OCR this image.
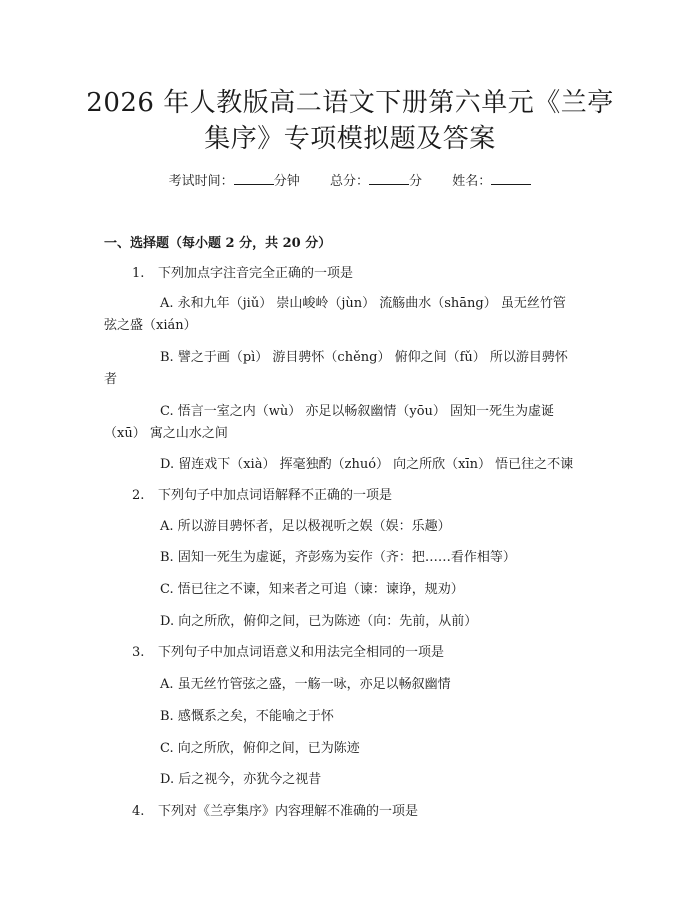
2026 年人教版高二语文下册第六单元《兰亭
集序》专项模拟题及答案
考试时间：	分钟 总分：	分 姓名：
一、选择题（每小题 2 分，共 20 分）
1. 下列加点字注音完全正确的一项是
A. 永和九年（jiǔ） 崇山峻岭（jùn） 流觞曲水（shāng） 虽无丝竹管
弦之盛（xián）
B. 譬之于画（pì） 游目骋怀（chěng） 俯仰之间（fǔ） 所以游目骋怀
者
C. 悟言一室之内（wù） 亦足以畅叙幽情（yōu） 固知一死生为虚诞
（xū） 寓之山水之间
D. 留连戏下（xià） 挥毫独酌（zhuó） 向之所欣（xīn） 悟已往之不谏
2. 下列句子中加点词语解释不正确的一项是
A. 所以游目骋怀者，足以极视听之娱（娱：乐趣）
B. 固知一死生为虚诞，齐彭殇为妄作（齐：把……看作相等）
C. 悟已往之不谏，知来者之可追（谏：谏诤，规劝）
D. 向之所欣，俯仰之间，已为陈迹（向：先前，从前）
3. 下列句子中加点词语意义和用法完全相同的一项是
A. 虽无丝竹管弦之盛，一觞一咏，亦足以畅叙幽情
B. 感慨系之矣，不能喻之于怀
C. 向之所欣，俯仰之间，已为陈迹
D. 后之视今，亦犹今之视昔
4. 下列对《兰亭集序》内容理解不准确的一项是
